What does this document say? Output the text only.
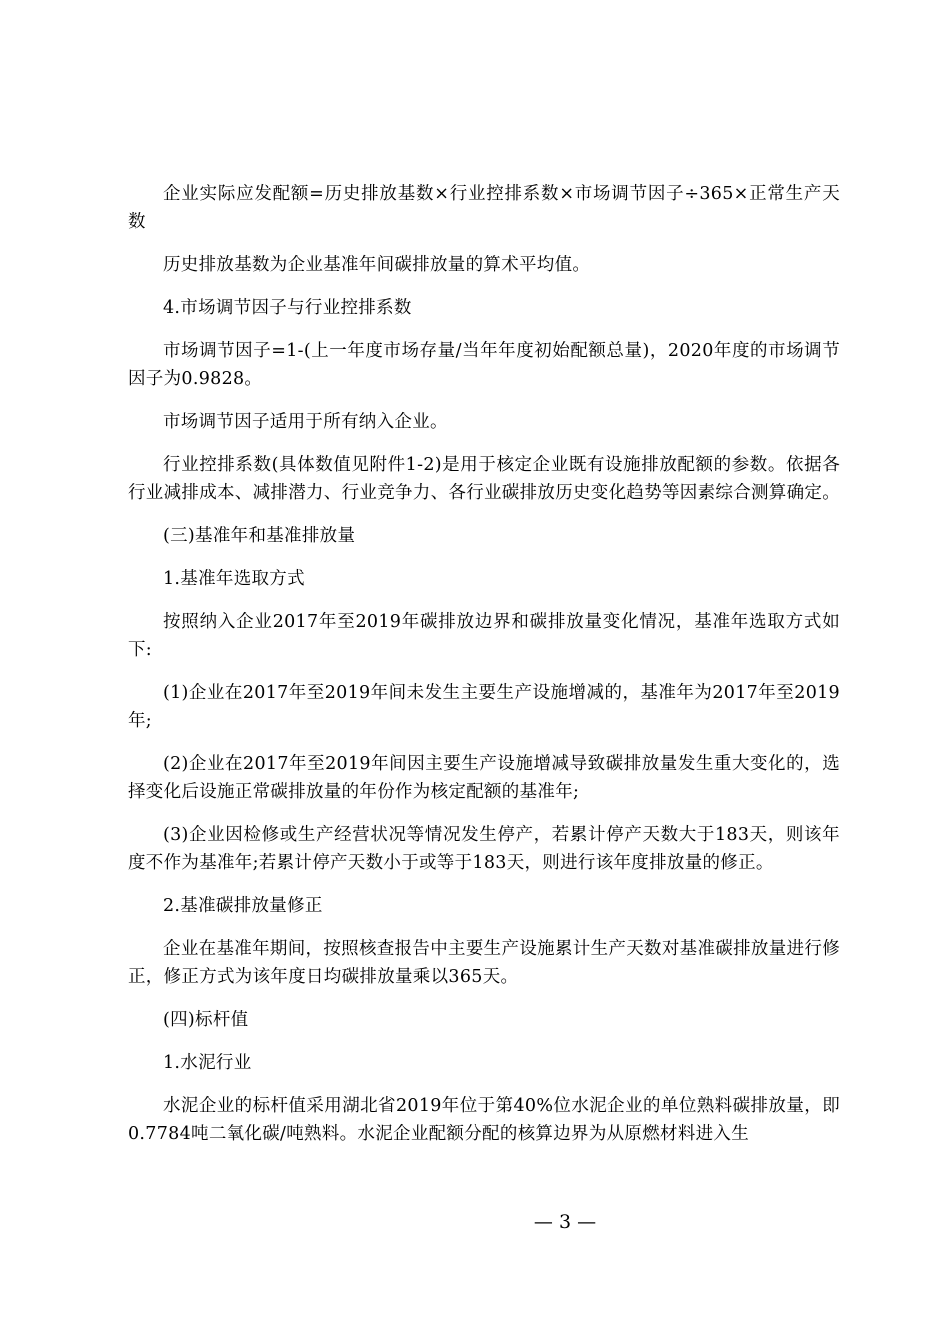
企业实际应发配额=历史排放基数×行业控排系数×市场调节因子÷365×正常生产天数

历史排放基数为企业基准年间碳排放量的算术平均值。

4.市场调节因子与行业控排系数

市场调节因子=1-(上一年度市场存量/当年年度初始配额总量)，2020年度的市场调节因子为0.9828。

市场调节因子适用于所有纳入企业。

行业控排系数(具体数值见附件1-2)是用于核定企业既有设施排放配额的参数。依据各行业减排成本、减排潜力、行业竞争力、各行业碳排放历史变化趋势等因素综合测算确定。

(三)基准年和基准排放量

1.基准年选取方式

按照纳入企业2017年至2019年碳排放边界和碳排放量变化情况，基准年选取方式如下:

(1)企业在2017年至2019年间未发生主要生产设施增减的，基准年为2017年至2019年;

(2)企业在2017年至2019年间因主要生产设施增减导致碳排放量发生重大变化的，选择变化后设施正常碳排放量的年份作为核定配额的基准年;

(3)企业因检修或生产经营状况等情况发生停产，若累计停产天数大于183天，则该年度不作为基准年;若累计停产天数小于或等于183天，则进行该年度排放量的修正。

2.基准碳排放量修正

企业在基准年期间，按照核查报告中主要生产设施累计生产天数对基准碳排放量进行修正，修正方式为该年度日均碳排放量乘以365天。

(四)标杆值

1.水泥行业

水泥企业的标杆值采用湖北省2019年位于第40%位水泥企业的单位熟料碳排放量，即0.7784吨二氧化碳/吨熟料。水泥企业配额分配的核算边界为从原燃材料进入生

— 3 —
